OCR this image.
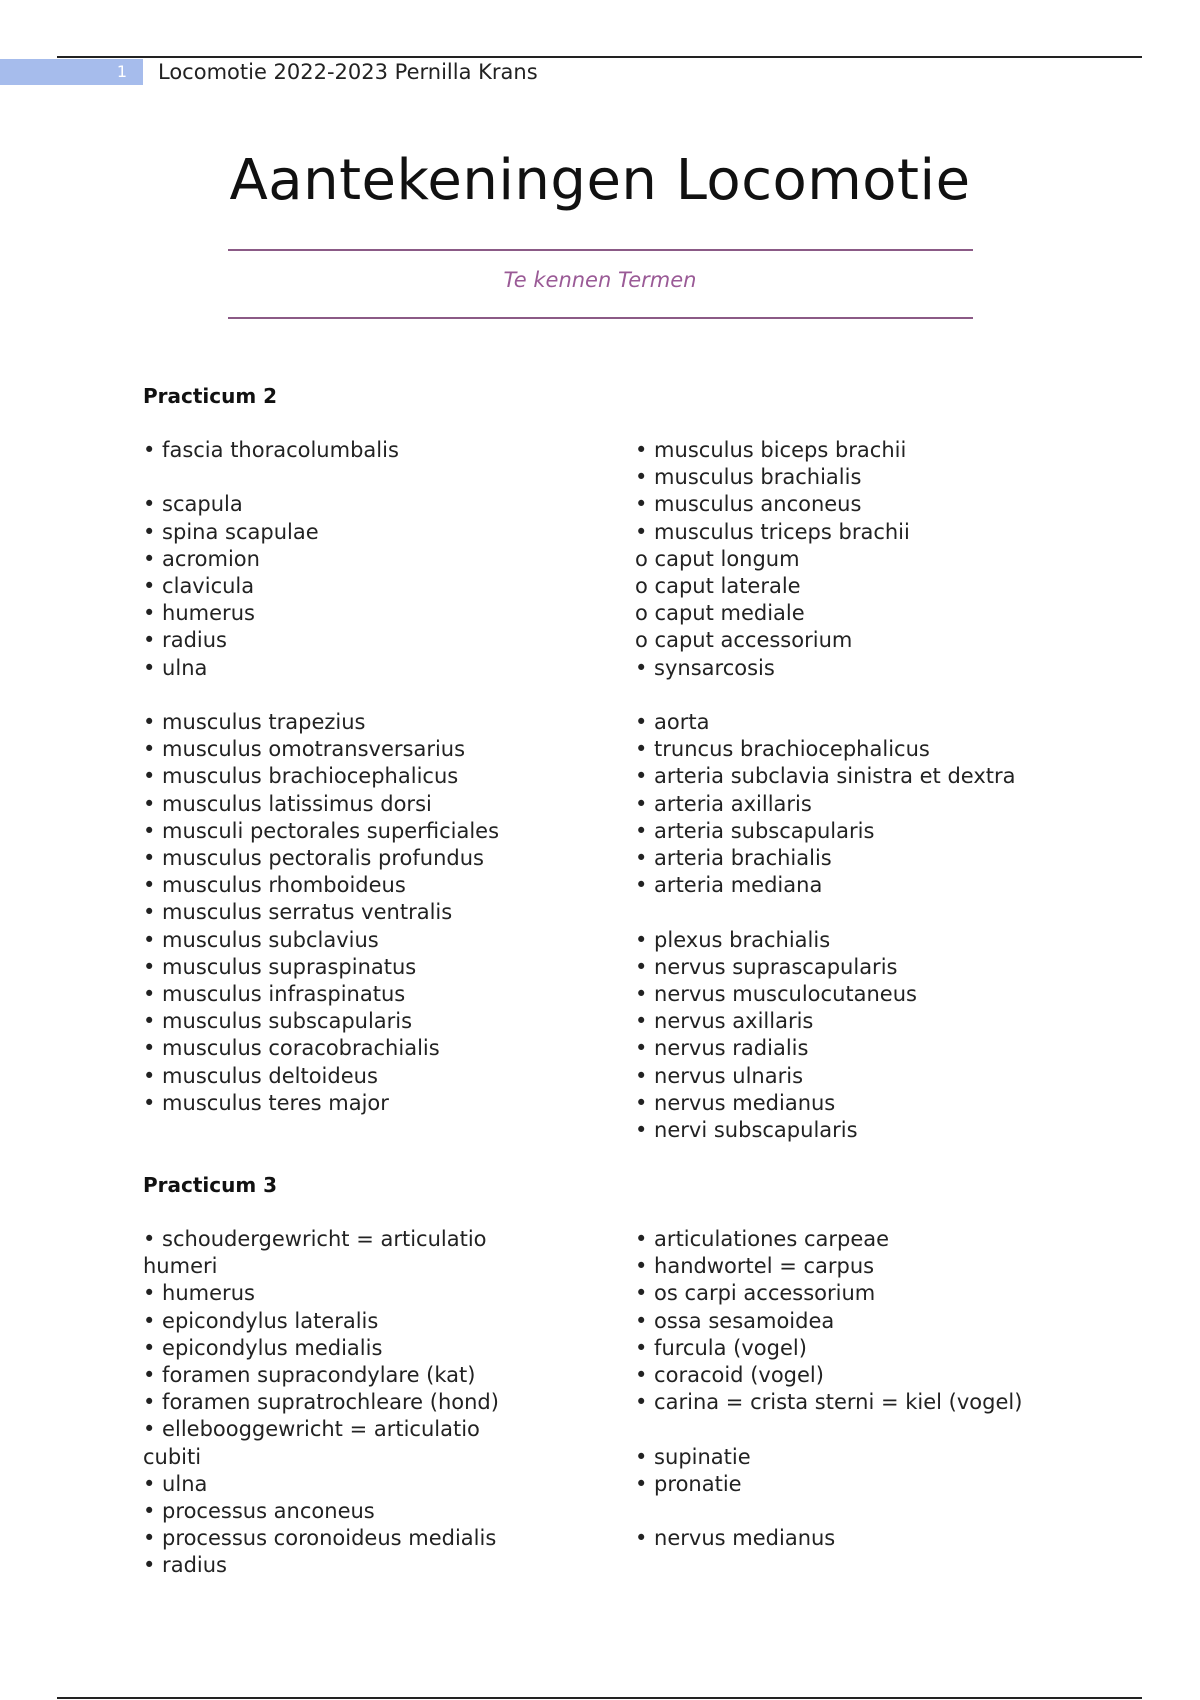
1	Locomotie 2022-2023 Pernilla Krans
Aantekeningen Locomotie
Te kennen Termen
Practicum 2
• fascia thoracolumbalis
• scapula
• spina scapulae
• acromion
• clavicula
• humerus
• radius
• ulna
• musculus trapezius
• musculus omotransversarius
• musculus brachiocephalicus
• musculus latissimus dorsi
• musculi pectorales superficiales
• musculus pectoralis profundus
• musculus rhomboideus
• musculus serratus ventralis
• musculus subclavius
• musculus supraspinatus
• musculus infraspinatus
• musculus subscapularis
• musculus coracobrachialis
• musculus deltoideus
• musculus teres major
• musculus biceps brachii
• musculus brachialis
• musculus anconeus
• musculus triceps brachii
o caput longum
o caput laterale
o caput mediale
o caput accessorium
• synsarcosis
• aorta
• truncus brachiocephalicus
• arteria subclavia sinistra et dextra
• arteria axillaris
• arteria subscapularis
• arteria brachialis
• arteria mediana
• plexus brachialis
• nervus suprascapularis
• nervus musculocutaneus
• nervus axillaris
• nervus radialis
• nervus ulnaris
• nervus medianus
• nervi subscapularis
Practicum 3
• schoudergewricht = articulatio humeri
• humerus
• epicondylus lateralis
• epicondylus medialis
• foramen supracondylare (kat)
• foramen supratrochleare (hond)
• ellebooggewricht = articulatio cubiti
• ulna
• processus anconeus
• processus coronoideus medialis
• radius
• articulationes carpeae
• handwortel = carpus
• os carpi accessorium
• ossa sesamoidea
• furcula (vogel)
• coracoid (vogel)
• carina = crista sterni = kiel (vogel)
• supinatie
• pronatie
• nervus medianus
